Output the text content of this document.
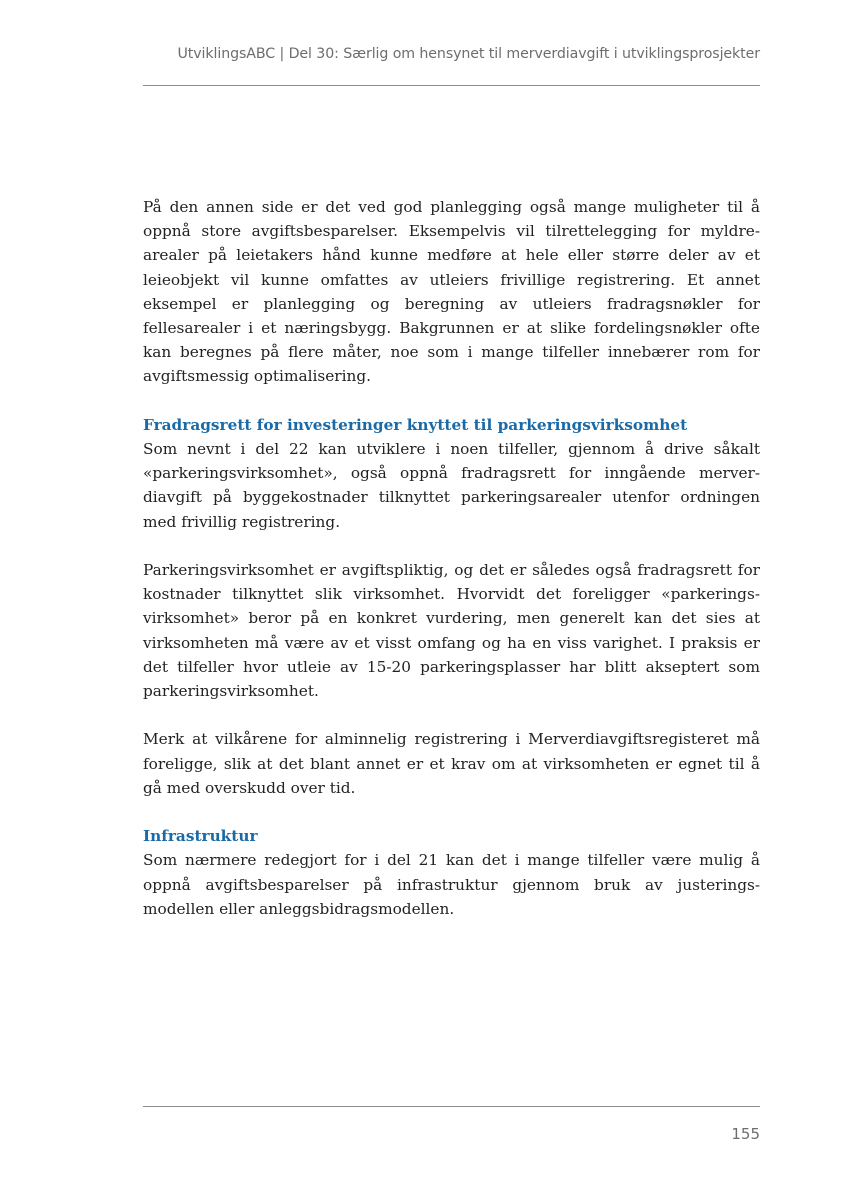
UtviklingsABC | Del 30: Særlig om hensynet til merverdiavgift i utviklingsprosjekter

På den annen side er det ved god planlegging også mange muligheter til å oppnå store avgiftsbesparelser. Eksempelvis vil tilrettelegging for myldre-arealer på leietakers hånd kunne medføre at hele eller større deler av et leieobjekt vil kunne omfattes av utleiers frivillige registrering. Et annet eksempel er planlegging og beregning av utleiers fradragsnøkler for fellesarealer i et næringsbygg. Bakgrunnen er at slike fordelingsnøkler ofte kan beregnes på flere måter, noe som i mange tilfeller innebærer rom for avgiftsmessig optimalisering.

Fradragsrett for investeringer knyttet til parkeringsvirksomhet

Som nevnt i del 22 kan utviklere i noen tilfeller, gjennom å drive såkalt «parkeringsvirksomhet», også oppnå fradragsrett for inngående merver-diavgift på byggekostnader tilknyttet parkeringsarealer utenfor ordningen med frivillig registrering.

Parkeringsvirksomhet er avgiftspliktig, og det er således også fradragsrett for kostnader tilknyttet slik virksomhet. Hvorvidt det foreligger «parkerings-virksomhet» beror på en konkret vurdering, men generelt kan det sies at virksomheten må være av et visst omfang og ha en viss varighet. I praksis er det tilfeller hvor utleie av 15-20 parkeringsplasser har blitt akseptert som parkeringsvirksomhet.

Merk at vilkårene for alminnelig registrering i Merverdiavgiftsregisteret må foreligge, slik at det blant annet er et krav om at virksomheten er egnet til å gå med overskudd over tid.

Infrastruktur

Som nærmere redegjort for i del 21 kan det i mange tilfeller være mulig å oppnå avgiftsbesparelser på infrastruktur gjennom bruk av justerings-modellen eller anleggsbidragsmodellen.

155
